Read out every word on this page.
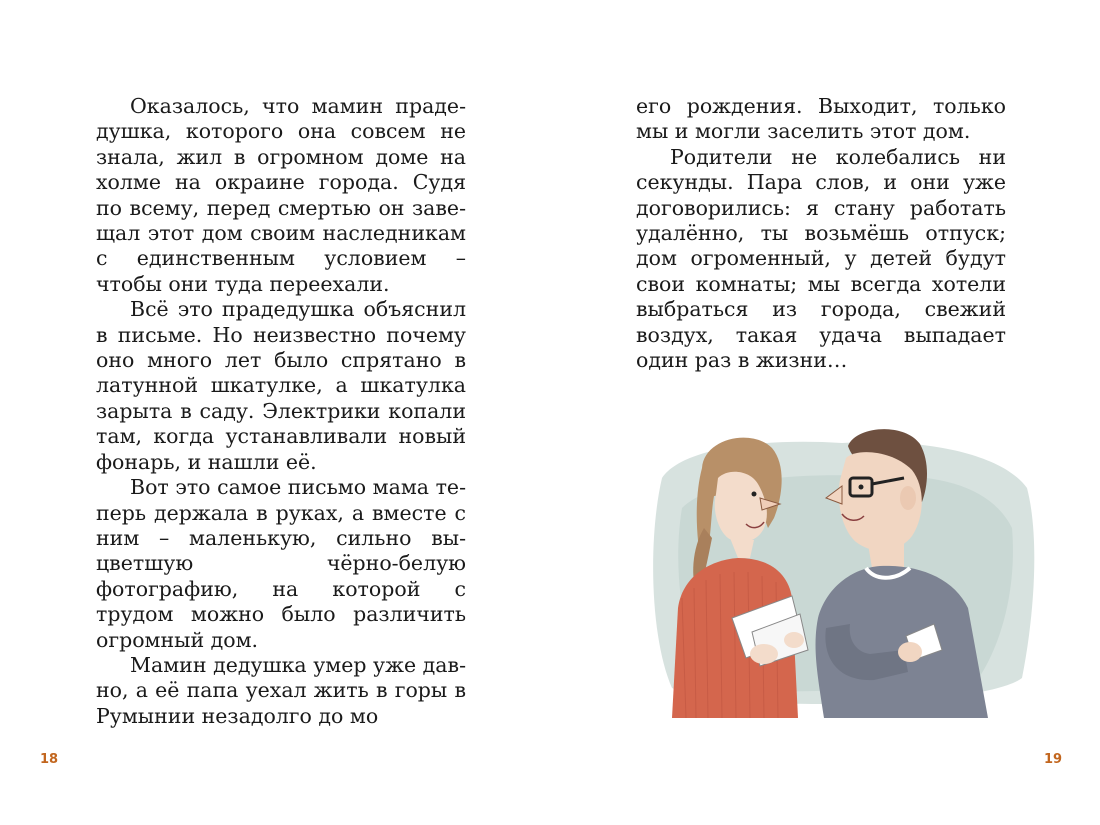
Оказалось, что мамин прадедушка, которого она совсем не знала, жил в огромном доме на холме на окраине города. Судя по всему, перед смертью он завещал этот дом своим наследникам с единственным условием – чтобы они туда переехали.

Всё это прадедушка объяснил в письме. Но неизвестно почему оно много лет было спрятано в латунной шкатулке, а шкатулка зарыта в саду. Электрики копали там, когда устанавливали новый фонарь, и нашли её.

Вот это самое письмо мама теперь держала в руках, а вместе с ним – маленькую, сильно выцветшую чёрно-белую фотографию, на которой с трудом можно было различить огромный дом.

Мамин дедушка умер уже давно, а её папа уехал жить в горы в Румынии незадолго до мо

18

его рождения. Выходит, только мы и могли заселить этот дом.

Родители не колебались ни секунды. Пара слов, и они уже договорились: я стану работать удалённо, ты возьмёшь отпуск; дом огроменный, у детей будут свои комнаты; мы всегда хотели выбраться из города, свежий воздух, такая удача выпадает один раз в жизни…

19
